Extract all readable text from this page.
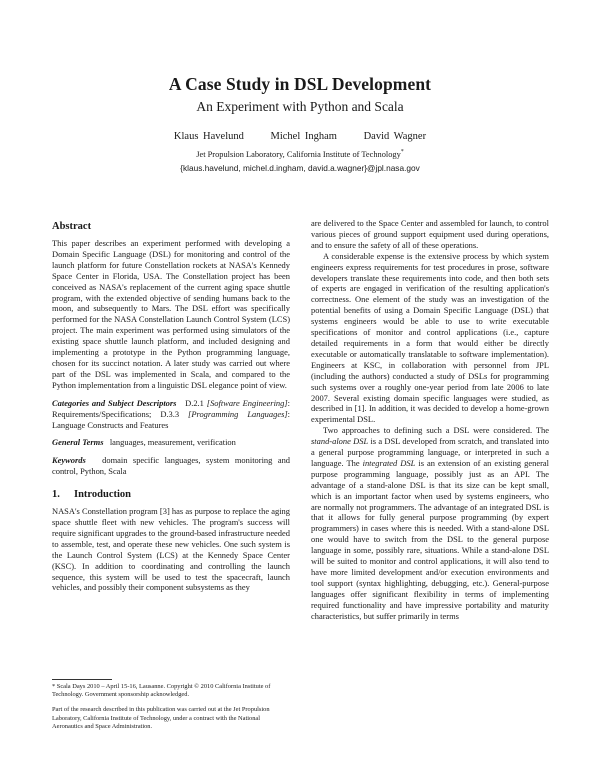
A Case Study in DSL Development
An Experiment with Python and Scala
Klaus Havelund	Michel Ingham	David Wagner
Jet Propulsion Laboratory, California Institute of Technology*
{klaus.havelund, michel.d.ingham, david.a.wagner}@jpl.nasa.gov
Abstract

This paper describes an experiment performed with developing a Domain Specific Language (DSL) for monitoring and control of the launch platform for future Constellation rockets at NASA's Kennedy Space Center in Florida, USA. The Constellation project has been conceived as NASA's replacement of the current aging space shuttle program, with the extended objective of sending humans back to the moon, and subsequently to Mars. The DSL effort was specifically performed for the NASA Constellation Launch Control System (LCS) project. The main experiment was performed using simulators of the existing space shuttle launch platform, and included designing and implementing a prototype in the Python programming language, chosen for its succinct notation. A later study was carried out where part of the DSL was implemented in Scala, and compared to the Python implementation from a linguistic DSL elegance point of view.

Categories and Subject Descriptors D.2.1 [Software Engineering]: Requirements/Specifications; D.3.3 [Programming Languages]: Language Constructs and Features

General Terms languages, measurement, verification

Keywords domain specific languages, system monitoring and control, Python, Scala

1. Introduction

NASA's Constellation program [3] has as purpose to replace the aging space shuttle fleet with new vehicles. The program's success will require significant upgrades to the ground-based infrastructure needed to assemble, test, and operate these new vehicles. One such system is the Launch Control System (LCS) at the Kennedy Space Center (KSC). In addition to coordinating and controlling the launch sequence, this system will be used to test the spacecraft, launch vehicles, and possibly their component subsystems as they

* Scala Days 2010 – April 15-16, Lausanne. Copyright © 2010 California Institute of Technology. Government sponsorship acknowledged.

Part of the research described in this publication was carried out at the Jet Propulsion Laboratory, California Institute of Technology, under a contract with the National Aeronautics and Space Administration.

are delivered to the Space Center and assembled for launch, to control various pieces of ground support equipment used during operations, and to ensure the safety of all of these operations.

A considerable expense is the extensive process by which system engineers express requirements for test procedures in prose, software developers translate these requirements into code, and then both sets of experts are engaged in verification of the resulting application's correctness. One element of the study was an investigation of the potential benefits of using a Domain Specific Language (DSL) that systems engineers would be able to use to write executable specifications of monitor and control applications (i.e., capture detailed requirements in a form that would either be directly executable or automatically translatable to software implementation). Engineers at KSC, in collaboration with personnel from JPL (including the authors) conducted a study of DSLs for programming such systems over a roughly one-year period from late 2006 to late 2007. Several existing domain specific languages were studied, as described in [1]. In addition, it was decided to develop a home-grown experimental DSL.

Two approaches to defining such a DSL were considered. The stand-alone DSL is a DSL developed from scratch, and translated into a general purpose programming language, or interpreted in such a language. The integrated DSL is an extension of an existing general purpose programming language, possibly just as an API. The advantage of a stand-alone DSL is that its size can be kept small, which is an important factor when used by systems engineers, who are normally not programmers. The advantage of an integrated DSL is that it allows for fully general purpose programming (by expert programmers) in cases where this is needed. With a stand-alone DSL one would have to switch from the DSL to the general purpose language in some, possibly rare, situations. While a stand-alone DSL will be suited to monitor and control applications, it will also tend to have more limited development and/or execution environments and tool support (syntax highlighting, debugging, etc.). General-purpose languages offer significant flexibility in terms of implementing required functionality and have impressive portability and maturity characteristics, but suffer primarily in terms
